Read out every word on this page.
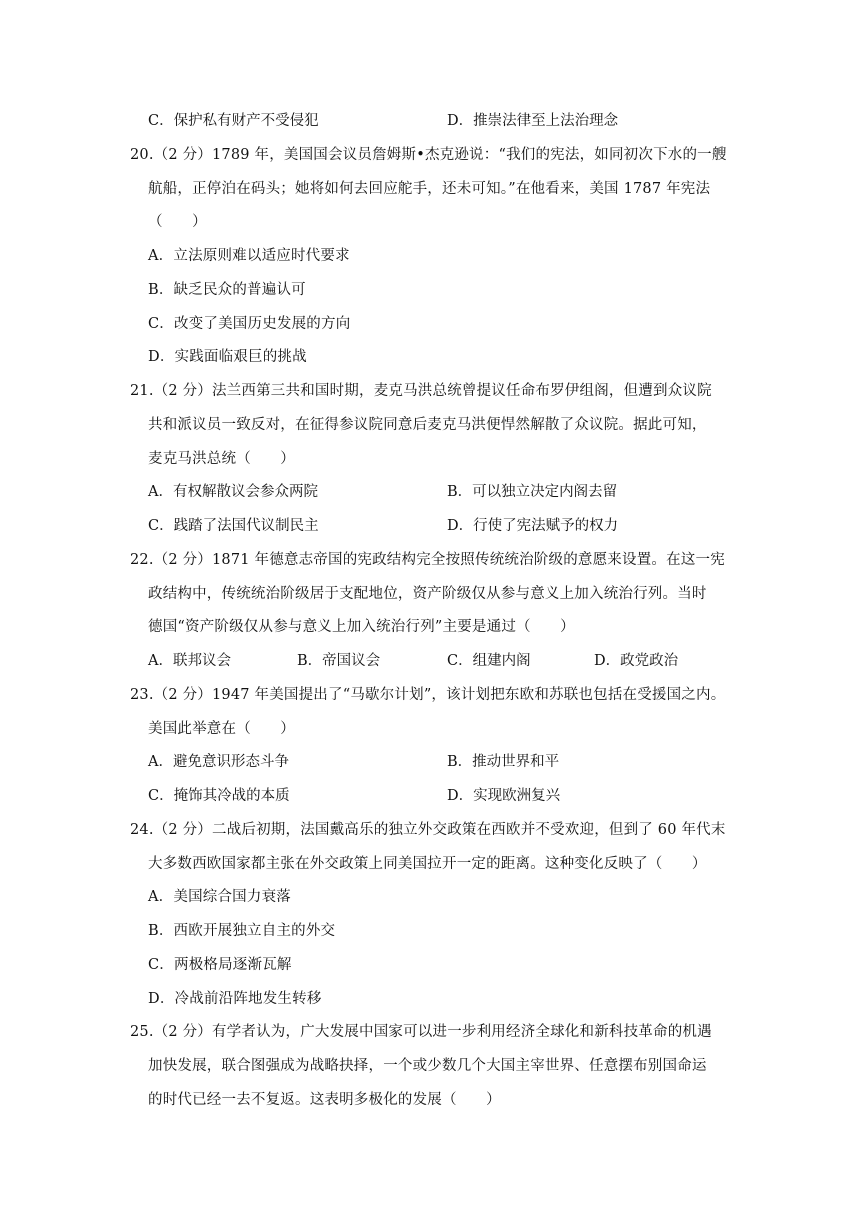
C．保护私有财产不受侵犯	D．推崇法律至上法治理念
20.（2 分）1789 年，美国国会议员詹姆斯•杰克逊说：“我们的宪法，如同初次下水的一艘
航船，正停泊在码头；她将如何去回应舵手，还未可知。”在他看来，美国 1787 年宪法
（　　）
A．立法原则难以适应时代要求
B．缺乏民众的普遍认可
C．改变了美国历史发展的方向
D．实践面临艰巨的挑战
21.（2 分）法兰西第三共和国时期，麦克马洪总统曾提议任命布罗伊组阁，但遭到众议院
共和派议员一致反对，在征得参议院同意后麦克马洪便悍然解散了众议院。据此可知，
麦克马洪总统（　　）
A．有权解散议会参众两院	B．可以独立决定内阁去留
C．践踏了法国代议制民主	D．行使了宪法赋予的权力
22.（2 分）1871 年德意志帝国的宪政结构完全按照传统统治阶级的意愿来设置。在这一宪
政结构中，传统统治阶级居于支配地位，资产阶级仅从参与意义上加入统治行列。当时
德国“资产阶级仅从参与意义上加入统治行列”主要是通过（　　）
A．联邦议会	B．帝国议会	C．组建内阁	D．政党政治
23.（2 分）1947 年美国提出了“马歇尔计划”，该计划把东欧和苏联也包括在受援国之内。
美国此举意在（　　）
A．避免意识形态斗争	B．推动世界和平
C．掩饰其冷战的本质	D．实现欧洲复兴
24.（2 分）二战后初期，法国戴高乐的独立外交政策在西欧并不受欢迎，但到了 60 年代末
大多数西欧国家都主张在外交政策上同美国拉开一定的距离。这种变化反映了（　　）
A．美国综合国力衰落
B．西欧开展独立自主的外交
C．两极格局逐渐瓦解
D．冷战前沿阵地发生转移
25.（2 分）有学者认为，广大发展中国家可以进一步利用经济全球化和新科技革命的机遇
加快发展，联合图强成为战略抉择，一个或少数几个大国主宰世界、任意摆布别国命运
的时代已经一去不复返。这表明多极化的发展（　　）
